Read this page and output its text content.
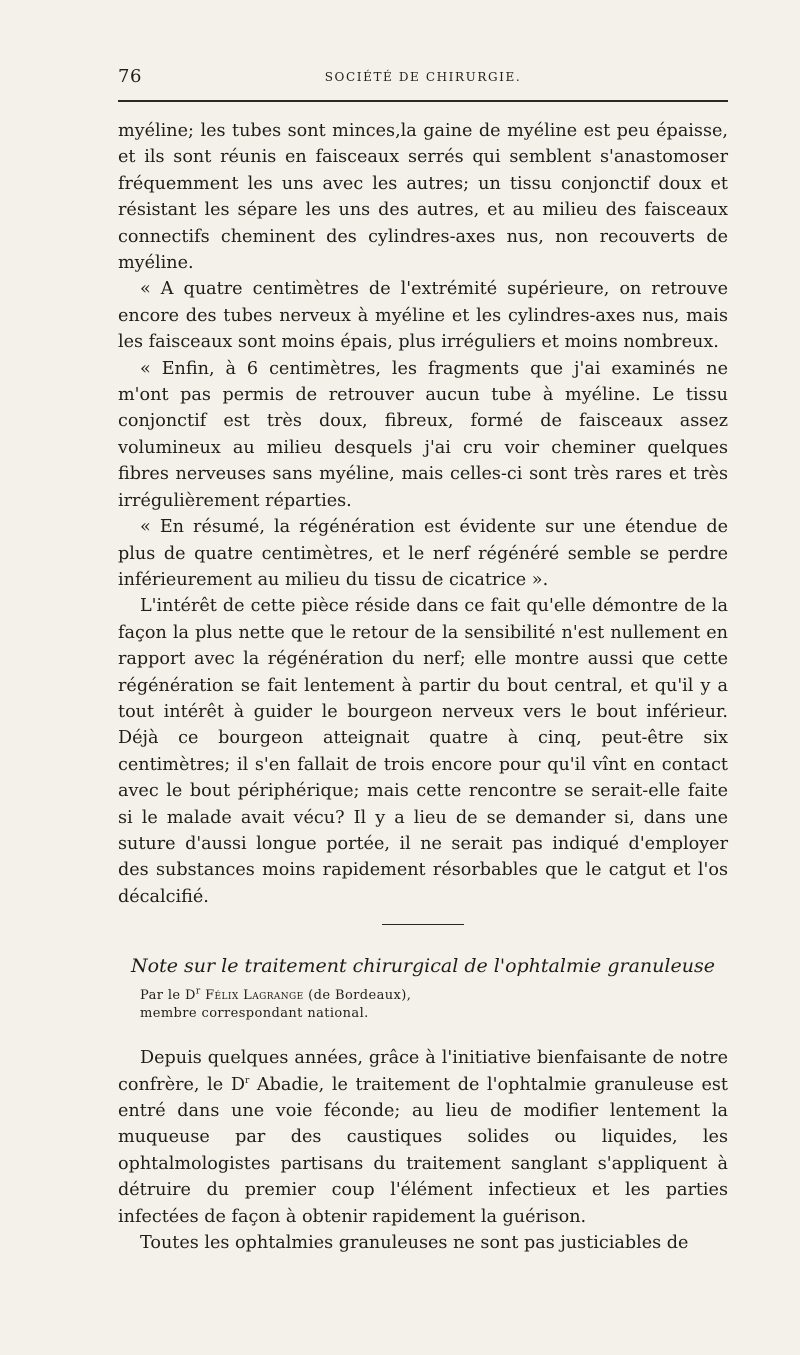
76	SOCIÉTÉ DE CHIRURGIE.

myéline; les tubes sont minces,la gaine de myéline est peu épaisse, et ils sont réunis en faisceaux serrés qui semblent s'anastomoser fréquemment les uns avec les autres; un tissu conjonctif doux et résistant les sépare les uns des autres, et au milieu des faisceaux connectifs cheminent des cylindres-axes nus, non recouverts de myéline.

« A quatre centimètres de l'extrémité supérieure, on retrouve encore des tubes nerveux à myéline et les cylindres-axes nus, mais les faisceaux sont moins épais, plus irréguliers et moins nombreux.

« Enfin, à 6 centimètres, les fragments que j'ai examinés ne m'ont pas permis de retrouver aucun tube à myéline. Le tissu conjonctif est très doux, fibreux, formé de faisceaux assez volumineux au milieu desquels j'ai cru voir cheminer quelques fibres nerveuses sans myéline, mais celles-ci sont très rares et très irrégulièrement réparties.

« En résumé, la régénération est évidente sur une étendue de plus de quatre centimètres, et le nerf régénéré semble se perdre inférieurement au milieu du tissu de cicatrice ».

L'intérêt de cette pièce réside dans ce fait qu'elle démontre de la façon la plus nette que le retour de la sensibilité n'est nullement en rapport avec la régénération du nerf; elle montre aussi que cette régénération se fait lentement à partir du bout central, et qu'il y a tout intérêt à guider le bourgeon nerveux vers le bout inférieur. Déjà ce bourgeon atteignait quatre à cinq, peut-être six centimètres; il s'en fallait de trois encore pour qu'il vînt en contact avec le bout périphérique; mais cette rencontre se serait-elle faite si le malade avait vécu? Il y a lieu de se demander si, dans une suture d'aussi longue portée, il ne serait pas indiqué d'employer des substances moins rapidement résorbables que le catgut et l'os décalcifié.

Note sur le traitement chirurgical de l'ophtalmie granuleuse

Par le $D^r$ Félix Lagrange (de Bordeaux),

membre correspondant national.

Depuis quelques années, grâce à l'initiative bienfaisante de notre confrère, le $D^r$ Abadie, le traitement de l'ophtalmie granuleuse est entré dans une voie féconde; au lieu de modifier lentement la muqueuse par des caustiques solides ou liquides, les ophtalmologistes partisans du traitement sanglant s'appliquent à détruire du premier coup l'élément infectieux et les parties infectées de façon à obtenir rapidement la guérison.

Toutes les ophtalmies granuleuses ne sont pas justiciables de
